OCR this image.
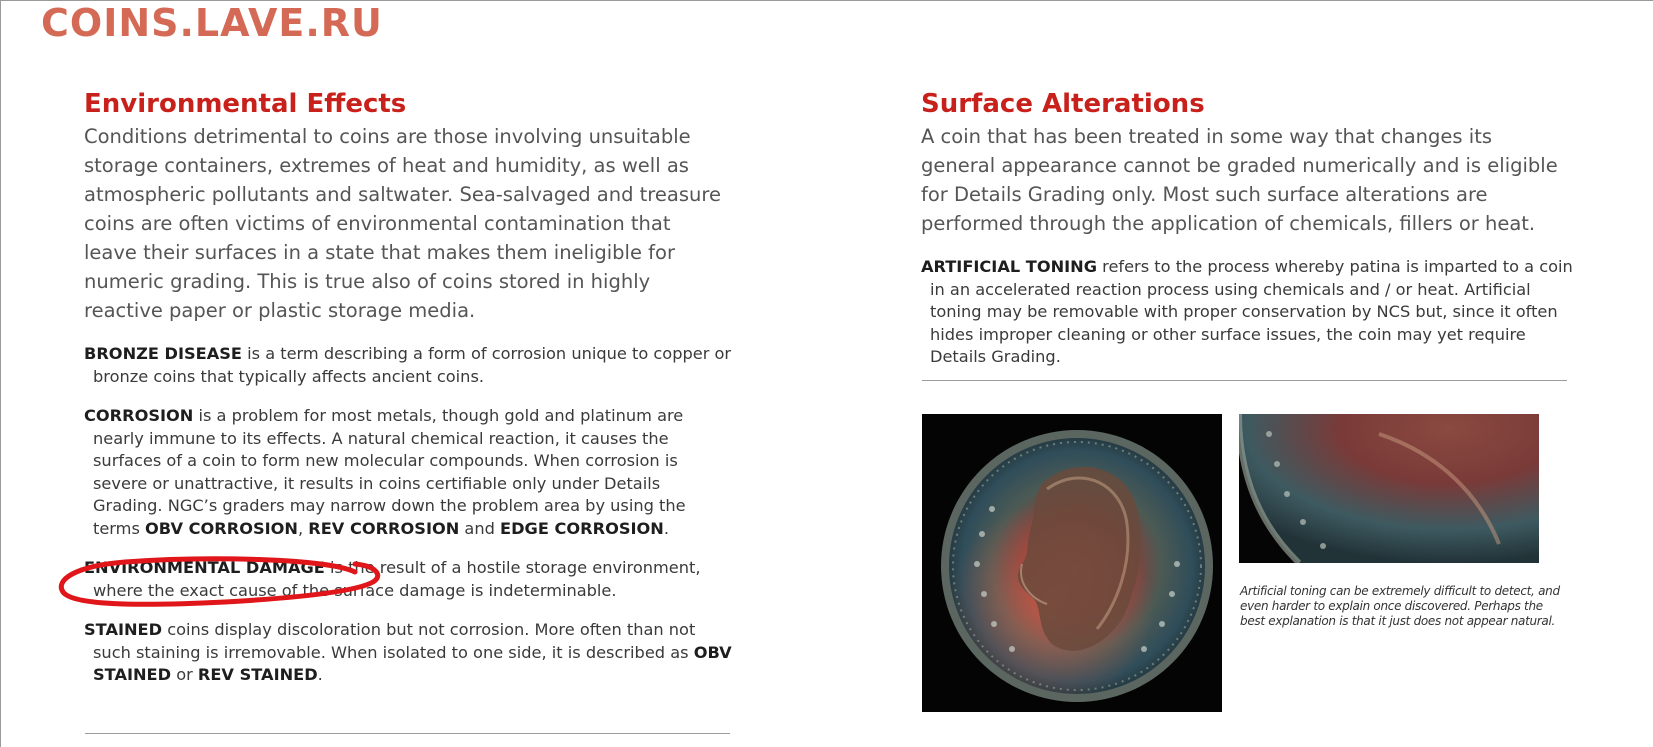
COINS.LAVE.RU
Environmental Effects

Conditions detrimental to coins are those involving unsuitable storage containers, extremes of heat and humidity, as well as atmospheric pollutants and saltwater. Sea-salvaged and treasure coins are often victims of environmental contamination that leave their surfaces in a state that makes them ineligible for numeric grading. This is true also of coins stored in highly reactive paper or plastic storage media.

BRONZE DISEASE is a term describing a form of corrosion unique to copper or bronze coins that typically affects ancient coins.

CORROSION is a problem for most metals, though gold and platinum are nearly immune to its effects. A natural chemical reaction, it causes the surfaces of a coin to form new molecular compounds. When corrosion is severe or unattractive, it results in coins certifiable only under Details Grading. NGC’s graders may narrow down the problem area by using the terms OBV CORROSION, REV CORROSION and EDGE CORROSION.

ENVIRONMENTAL DAMAGE is the result of a hostile storage environment, where the exact cause of the surface damage is indeterminable.

STAINED coins display discoloration but not corrosion. More often than not such staining is irremovable. When isolated to one side, it is described as OBV STAINED or REV STAINED.

Surface Alterations

A coin that has been treated in some way that changes its general appearance cannot be graded numerically and is eligible for Details Grading only. Most such surface alterations are performed through the application of chemicals, fillers or heat.

ARTIFICIAL TONING refers to the process whereby patina is imparted to a coin in an accelerated reaction process using chemicals and / or heat. Artificial toning may be removable with proper conservation by NCS but, since it often hides improper cleaning or other surface issues, the coin may yet require Details Grading.

Artificial toning can be extremely difficult to detect, and even harder to explain once discovered. Perhaps the best explanation is that it just does not appear natural.
